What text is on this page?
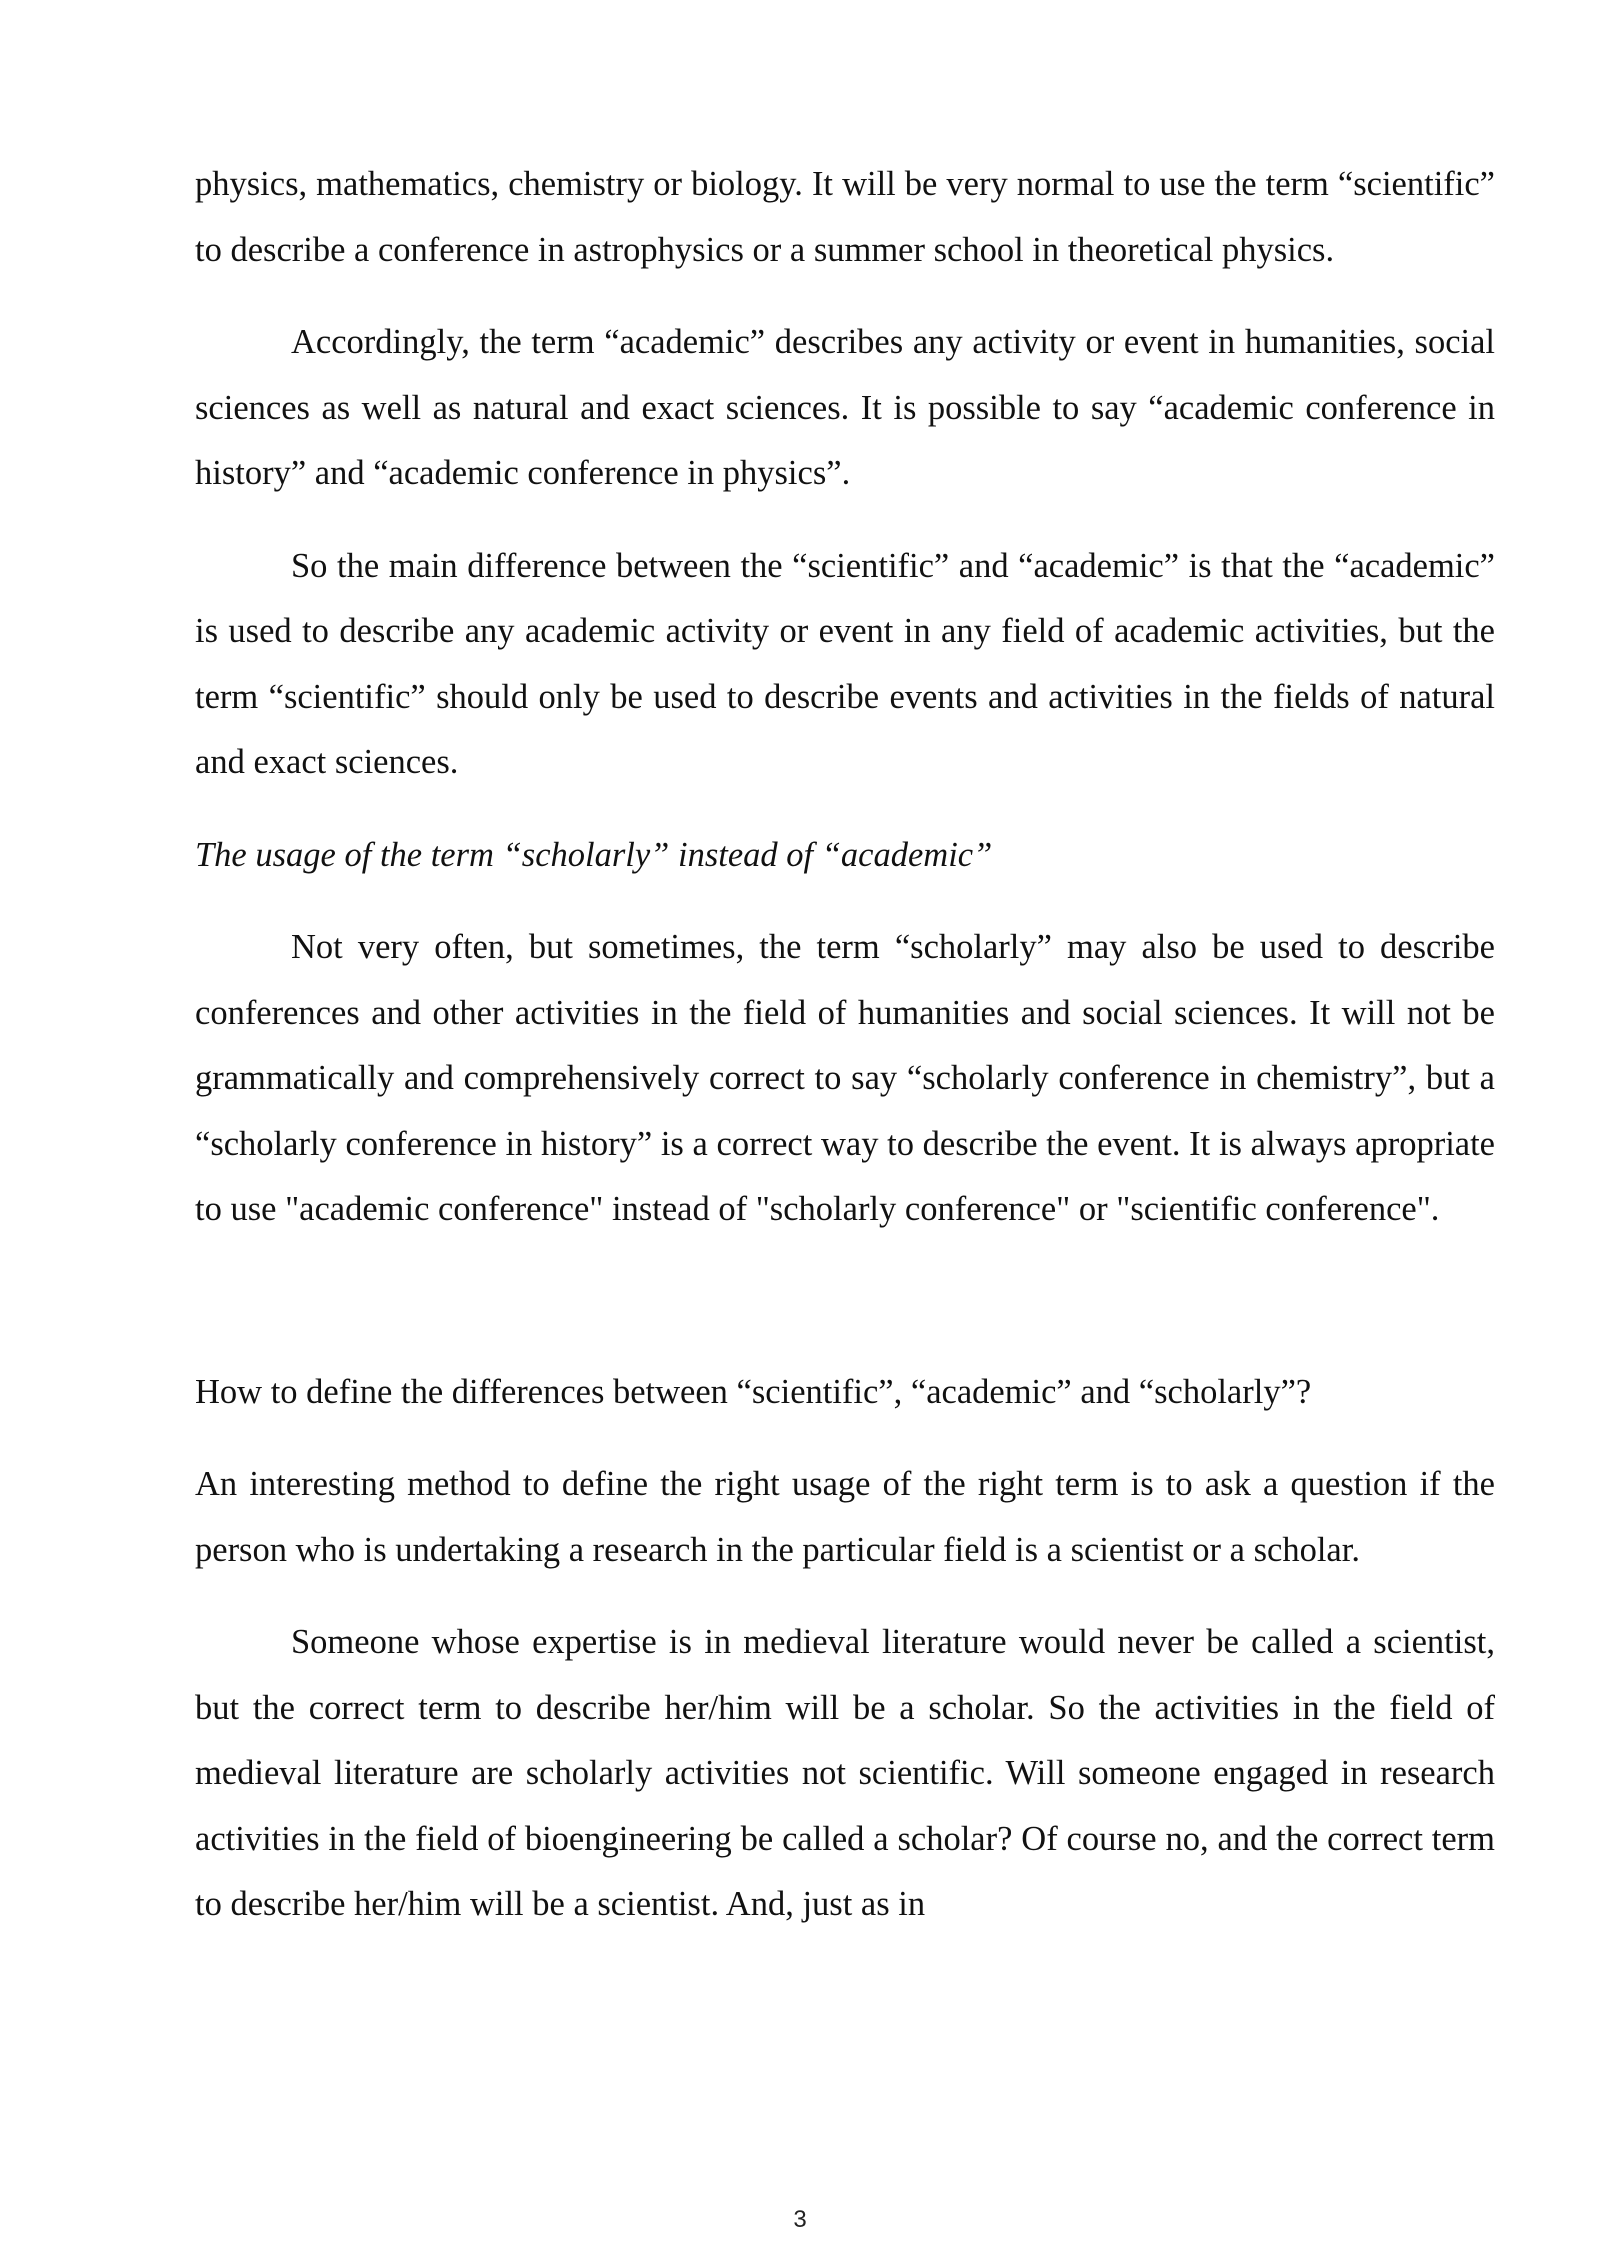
physics, mathematics, chemistry or biology. It will be very normal to use the term “scientific” to describe a conference in astrophysics or a summer school in theoretical physics.

Accordingly, the term “academic” describes any activity or event in humanities, social sciences as well as natural and exact sciences. It is possible to say “academic conference in history” and “academic conference in physics”.

So the main difference between the “scientific” and “academic” is that the “academic” is used to describe any academic activity or event in any field of academic activities, but the term “scientific” should only be used to describe events and activities in the fields of natural and exact sciences.

The usage of the term “scholarly” instead of “academic”

Not very often, but sometimes, the term “scholarly” may also be used to describe conferences and other activities in the field of humanities and social sciences. It will not be grammatically and comprehensively correct to say “scholarly conference in chemistry”, but a “scholarly conference in history” is a correct way to describe the event. It is always apropriate to use "academic conference" instead of "scholarly conference" or "scientific conference".

How to define the differences between “scientific”, “academic” and “scholarly”?

An interesting method to define the right usage of the right term is to ask a question if the person who is undertaking a research in the particular field is a scientist or a scholar.

Someone whose expertise is in medieval literature would never be called a scientist, but the correct term to describe her/him will be a scholar. So the activities in the field of medieval literature are scholarly activities not scientific. Will someone engaged in research activities in the field of bioengineering be called a scholar? Of course no, and the correct term to describe her/him will be a scientist. And, just as in

3
